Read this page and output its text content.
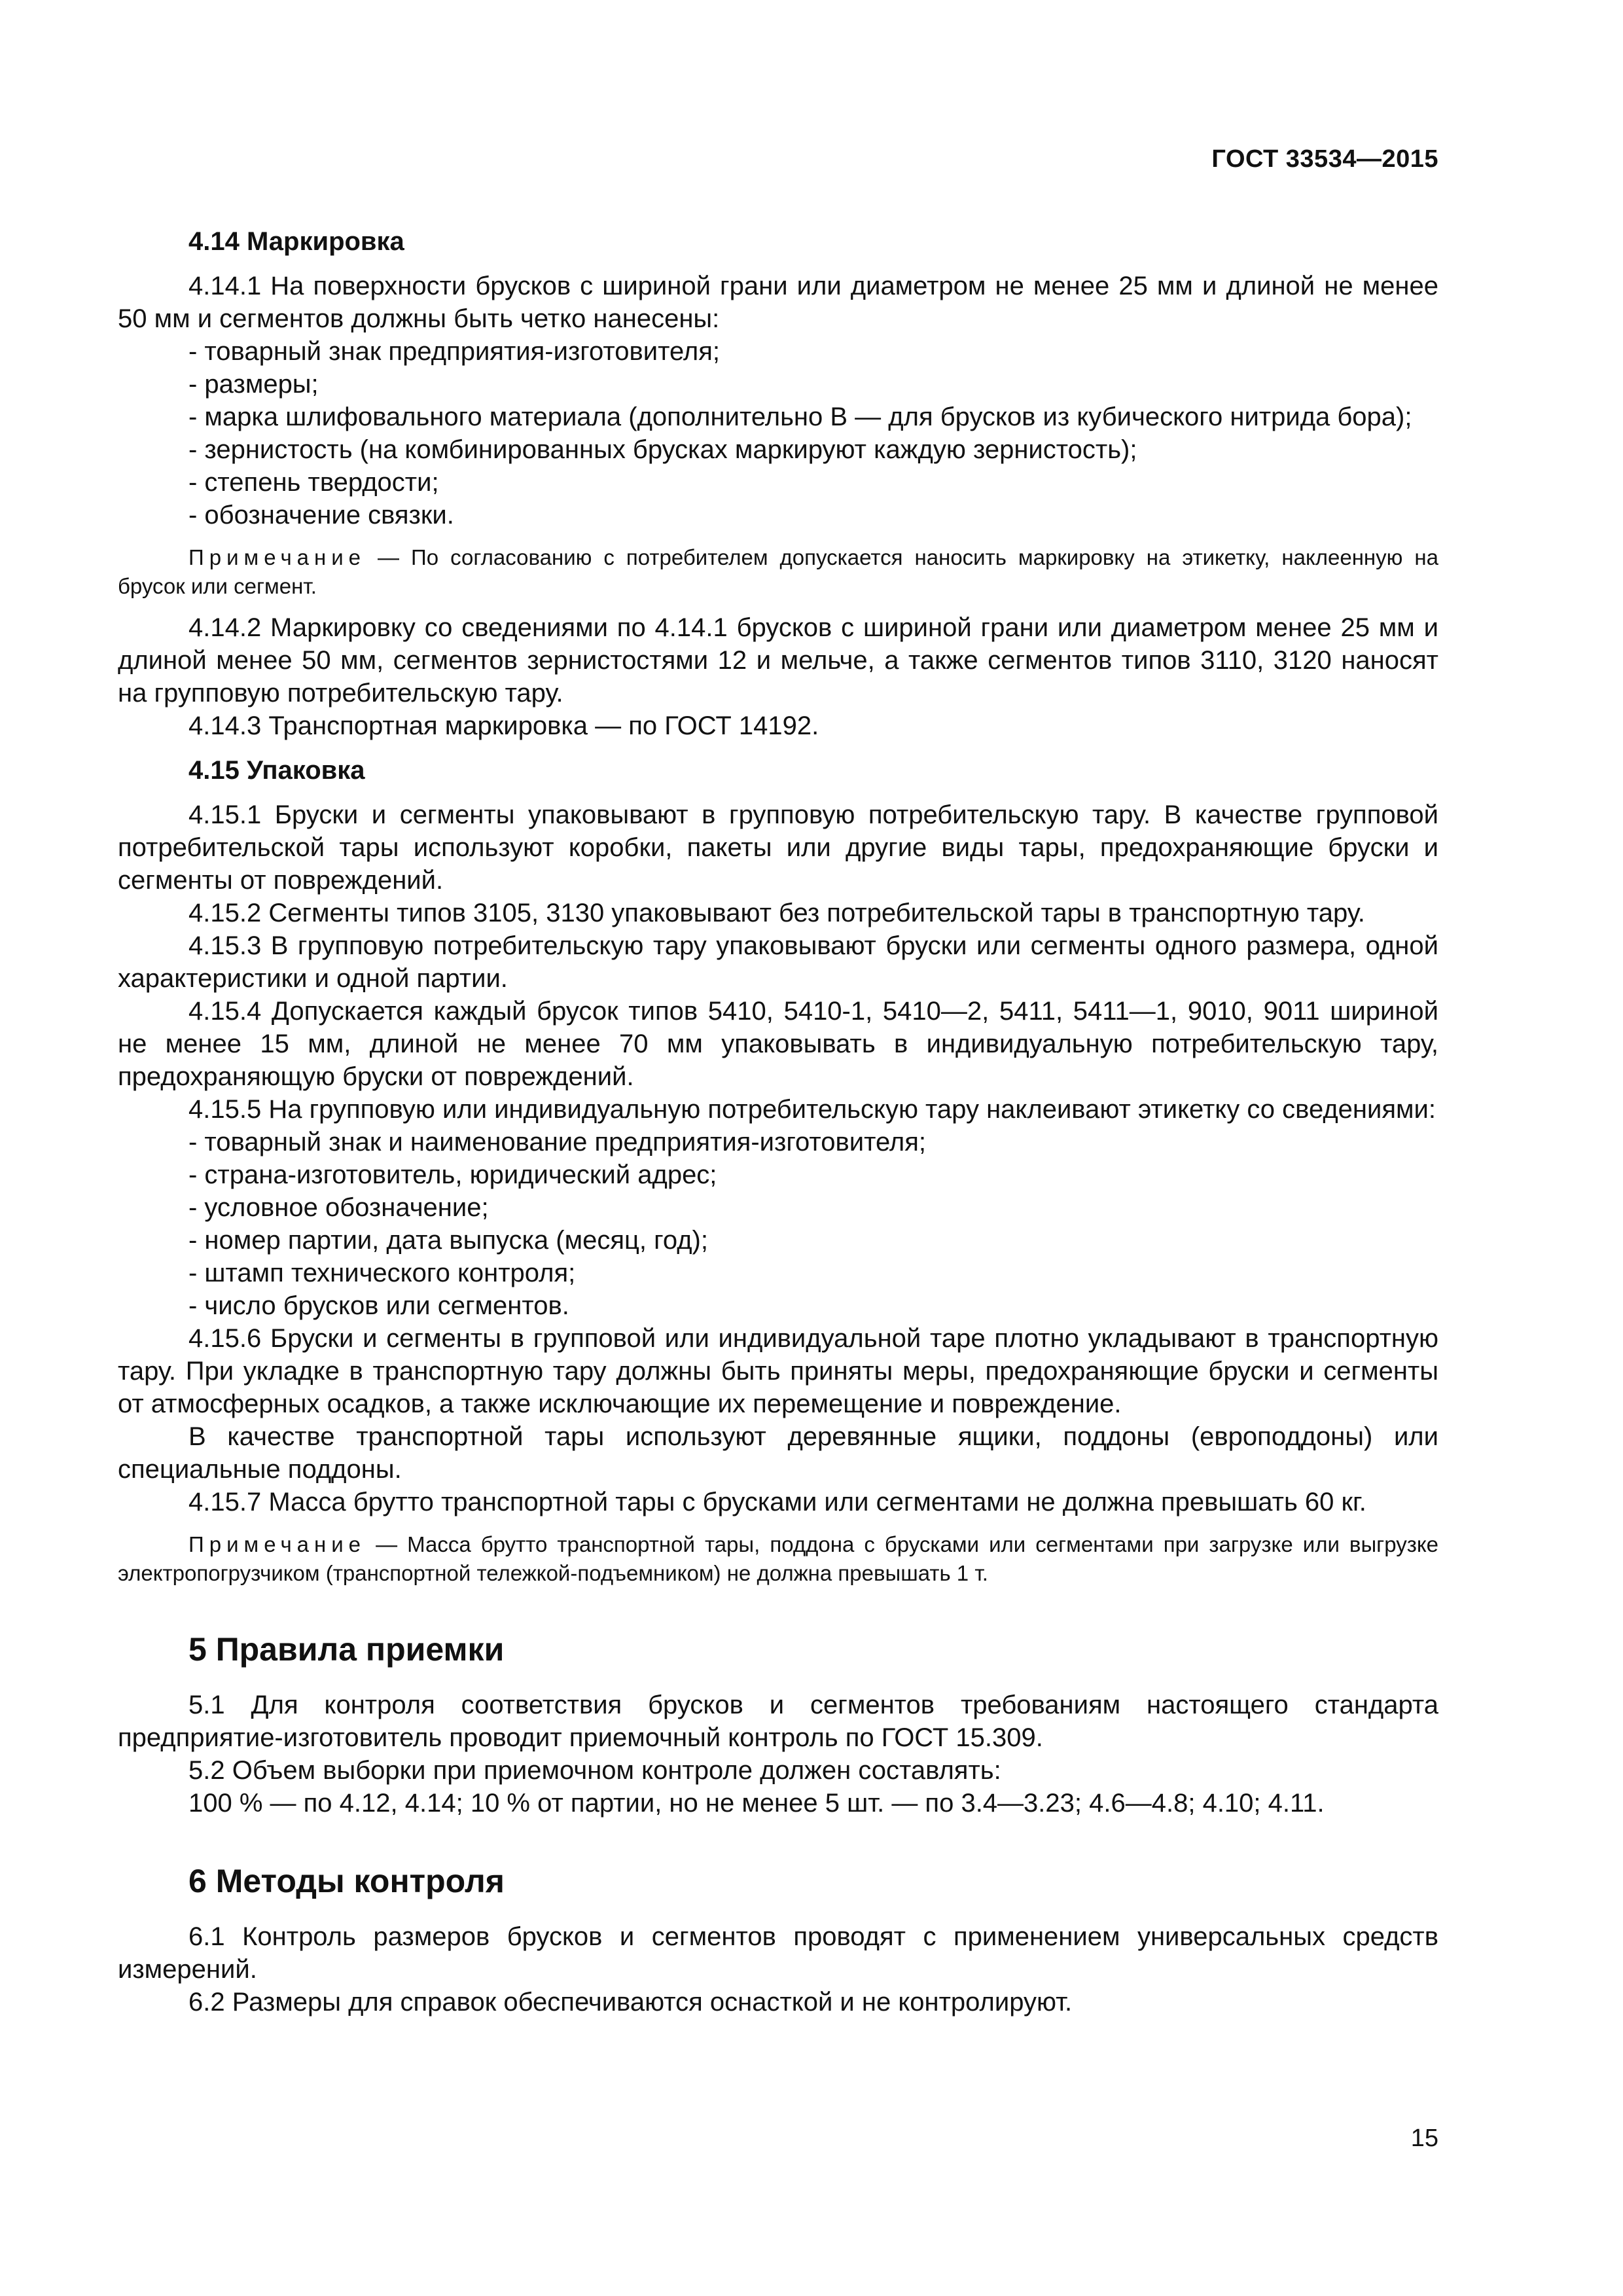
ГОСТ 33534—2015
4.14 Маркировка

4.14.1 На поверхности брусков с шириной грани или диаметром не менее 25 мм и длиной не менее 50 мм и сегментов должны быть четко нанесены:

- товарный знак предприятия-изготовителя;

- размеры;

- марка шлифовального материала (дополнительно В — для брусков из кубического нитрида бора);

- зернистость (на комбинированных брусках маркируют каждую зернистость);

- степень твердости;

- обозначение связки.

Примечание — По согласованию с потребителем допускается наносить маркировку на этикетку, наклеенную на брусок или сегмент.

4.14.2 Маркировку со сведениями по 4.14.1 брусков с шириной грани или диаметром менее 25 мм и длиной менее 50 мм, сегментов зернистостями 12 и мельче, а также сегментов типов 3110, 3120 наносят на групповую потребительскую тару.

4.14.3 Транспортная маркировка — по ГОСТ 14192.

4.15 Упаковка

4.15.1 Бруски и сегменты упаковывают в групповую потребительскую тару. В качестве групповой потребительской тары используют коробки, пакеты или другие виды тары, предохраняющие бруски и сегменты от повреждений.

4.15.2 Сегменты типов 3105, 3130 упаковывают без потребительской тары в транспортную тару.

4.15.3 В групповую потребительскую тару упаковывают бруски или сегменты одного размера, одной характеристики и одной партии.

4.15.4 Допускается каждый брусок типов 5410, 5410-1, 5410—2, 5411, 5411—1, 9010, 9011 шириной не менее 15 мм, длиной не менее 70 мм упаковывать в индивидуальную потребительскую тару, предохраняющую бруски от повреждений.

4.15.5 На групповую или индивидуальную потребительскую тару наклеивают этикетку со сведениями:

- товарный знак и наименование предприятия-изготовителя;

- страна-изготовитель, юридический адрес;

- условное обозначение;

- номер партии, дата выпуска (месяц, год);

- штамп технического контроля;

- число брусков или сегментов.

4.15.6 Бруски и сегменты в групповой или индивидуальной таре плотно укладывают в транспортную тару. При укладке в транспортную тару должны быть приняты меры, предохраняющие бруски и сегменты от атмосферных осадков, а также исключающие их перемещение и повреждение.

В качестве транспортной тары используют деревянные ящики, поддоны (европоддоны) или специальные поддоны.

4.15.7 Масса брутто транспортной тары с брусками или сегментами не должна превышать 60 кг.

Примечание — Масса брутто транспортной тары, поддона с брусками или сегментами при загрузке или выгрузке электропогрузчиком (транспортной тележкой-подъемником) не должна превышать 1 т.
5 Правила приемки

5.1 Для контроля соответствия брусков и сегментов требованиям настоящего стандарта предприятие-изготовитель проводит приемочный контроль по ГОСТ 15.309.

5.2 Объем выборки при приемочном контроле должен составлять:

100 % — по 4.12, 4.14; 10 % от партии, но не менее 5 шт. — по 3.4—3.23; 4.6—4.8; 4.10; 4.11.

6 Методы контроля

6.1 Контроль размеров брусков и сегментов проводят с применением универсальных средств измерений.

6.2 Размеры для справок обеспечиваются оснасткой и не контролируют.

15
